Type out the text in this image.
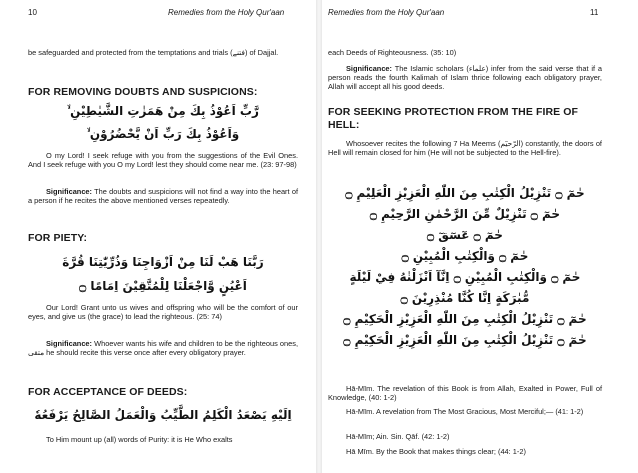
10	Remedies from the Holy Qur'aan
be safeguarded and protected from the temptations and trials (فتنے) of Dajjal.
FOR REMOVING DOUBTS AND SUSPICIONS:
رَّبِّ اَعُوْذُ بِكَ مِنْ هَمَزٰتِ الشَّيٰطِيْنِ ۙ
وَاَعُوْذُ بِكَ رَبِّ اَنْ يَّحْضُرُوْنِ ۙ
O my Lord! I seek refuge with you from the suggestions of the Evil Ones. And I seek refuge with you O my Lord! lest they should come near me. (23: 97-98)
Significance: The doubts and suspicions will not find a way into the heart of a person if he recites the above mentioned verses repeatedly.
FOR PIETY:
رَبَّنَا هَبْ لَنَا مِنْ اَزْوَاجِنَا وَذُرِّيّٰتِنَا قُرَّةَ
اَعْيُنٍ وَّاجْعَلْنَا لِلْمُتَّقِيْنَ اِمَامًا ۝
Our Lord! Grant unto us wives and offspring who will be the comfort of our eyes, and give us (the grace) to lead the righteous. (25: 74)
Significance: Whoever wants his wife and children to be the righteous ones, متقی he should recite this verse once after every obligatory prayer.
FOR ACCEPTANCE OF DEEDS:
اِلَيْهِ يَصْعَدُ الْكَلِمُ الطَّيِّبُ وَالْعَمَلُ الصَّالِحُ يَرْفَعُهٗ
To Him mount up (all) words of Purity: it is He Who exalts
Remedies from the Holy Qur'aan	11
each Deeds of Righteousness. (35: 10)
Significance: The Islamic scholars (علماء) infer from the said verse that if a person reads the fourth Kalimah of Islam thrice following each obligatory prayer, Allah will accept all his good deeds.
FOR SEEKING PROTECTION FROM THE FIRE OF
HELL:
Whosoever recites the following 7 Ha Meems (الرّحيٓم) constantly, the doors of Hell will remain closed for him (He will not be subjected to the Hell-fire).
حٰمٓ ۝ تَنْزِيْلُ الْكِتٰبِ مِنَ اللّٰهِ الْعَزِيْزِ الْعَلِيْمِ ۝
حٰمٓ ۝ تَنْزِيْلٌ مِّنَ الرَّحْمٰنِ الرَّحِيْمِ ۝
حٰمٓ ۝ عٓسٓقٓ ۝
حٰمٓ ۝ وَالْكِتٰبِ الْمُبِيْنِ ۝
حٰمٓ ۝ وَالْكِتٰبِ الْمُبِيْنِ ۝ اِنَّآ اَنْزَلْنٰهُ فِيْ لَيْلَةٍ
مُّبٰرَكَةٍ اِنَّا كُنَّا مُنْذِرِيْنَ ۝
حٰمٓ ۝ تَنْزِيْلُ الْكِتٰبِ مِنَ اللّٰهِ الْعَزِيْزِ الْحَكِيْمِ ۝
حٰمٓ ۝ تَنْزِيْلُ الْكِتٰبِ مِنَ اللّٰهِ الْعَزِيْزِ الْحَكِيْمِ ۝
Hā-Mīm. The revelation of this Book is from Allah, Exalted in Power, Full of Knowledge, (40: 1-2)
Hā-Mīm. A revelation from The Most Gracious, Most Merciful;— (41: 1-2)
Hā-Mīm; Ain. Sin. Qāf. (42: 1-2)
Hā Mīm. By the Book that makes things clear; (44: 1-2)
